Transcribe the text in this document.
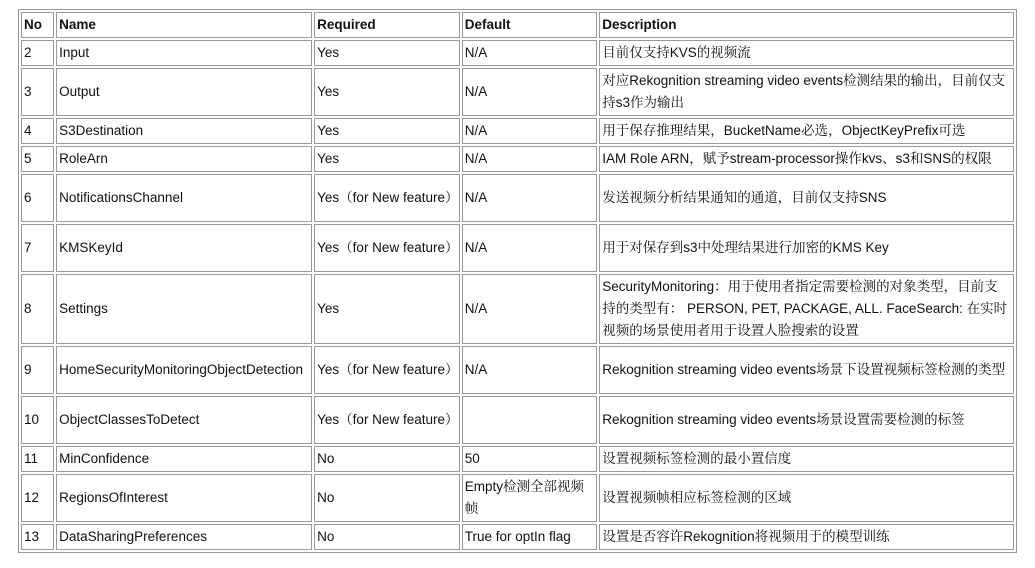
No	Name	Required	Default	Description
2	Input	Yes	N/A	目前仅支持KVS的视频流
3	Output	Yes	N/A	对应Rekognition streaming video events检测结果的输出，目前仅支持s3作为输出
4	S3Destination	Yes	N/A	用于保存推理结果，BucketName必选，ObjectKeyPrefix可选
5	RoleArn	Yes	N/A	IAM Role ARN，赋予stream-processor操作kvs、s3和SNS的权限
6	NotificationsChannel	Yes（for New feature）	N/A	发送视频分析结果通知的通道，目前仅支持SNS
7	KMSKeyId	Yes（for New feature）	N/A	用于对保存到s3中处理结果进行加密的KMS Key
8	Settings	Yes	N/A	SecurityMonitoring：用于使用者指定需要检测的对象类型，目前支持的类型有： PERSON, PET, PACKAGE, ALL. FaceSearch: 在实时视频的场景使用者用于设置人脸搜索的设置
9	HomeSecurityMonitoringObjectDetection	Yes（for New feature）	N/A	Rekognition streaming video events场景下设置视频标签检测的类型
10	ObjectClassesToDetect	Yes（for New feature）		Rekognition streaming video events场景设置需要检测的标签
11	MinConfidence	No	50	设置视频标签检测的最小置信度
12	RegionsOfInterest	No	Empty检测全部视频帧	设置视频帧相应标签检测的区域
13	DataSharingPreferences	No	True for optIn flag	设置是否容许Rekognition将视频用于的模型训练
